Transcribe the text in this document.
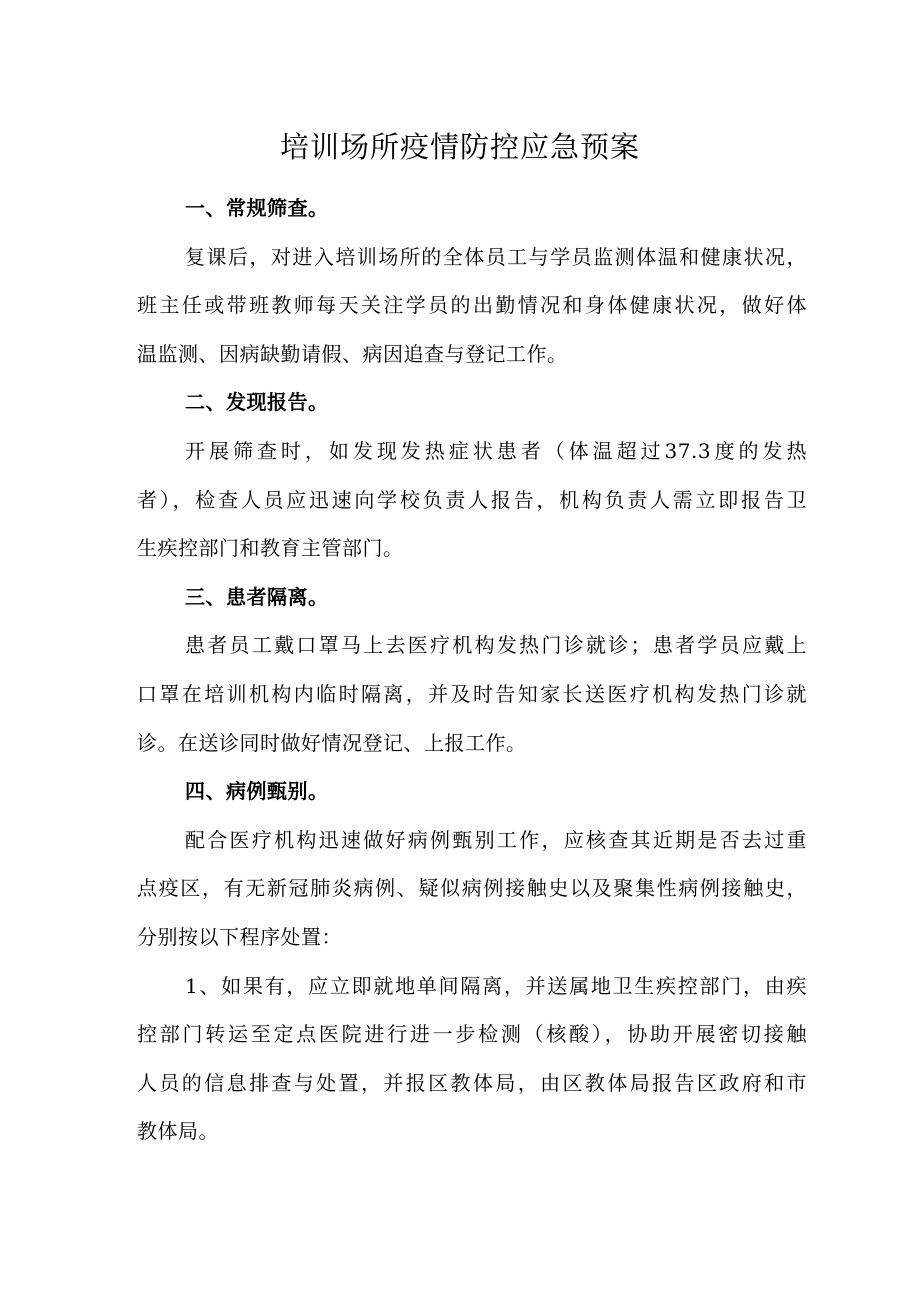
培训场所疫情防控应急预案

一、常规筛查。

复课后，对进入培训场所的全体员工与学员监测体温和健康状况，
班主任或带班教师每天关注学员的出勤情况和身体健康状况，做好体
温监测、因病缺勤请假、病因追查与登记工作。

二、发现报告。

开展筛查时，如发现发热症状患者（体温超过37.3度的发热
者），检查人员应迅速向学校负责人报告，机构负责人需立即报告卫
生疾控部门和教育主管部门。

三、患者隔离。

患者员工戴口罩马上去医疗机构发热门诊就诊；患者学员应戴上
口罩在培训机构内临时隔离，并及时告知家长送医疗机构发热门诊就
诊。在送诊同时做好情况登记、上报工作。

四、病例甄别。

配合医疗机构迅速做好病例甄别工作，应核查其近期是否去过重
点疫区，有无新冠肺炎病例、疑似病例接触史以及聚集性病例接触史，
分别按以下程序处置：

1、如果有，应立即就地单间隔离，并送属地卫生疾控部门，由疾
控部门转运至定点医院进行进一步检测（核酸），协助开展密切接触
人员的信息排查与处置，并报区教体局，由区教体局报告区政府和市
教体局。
